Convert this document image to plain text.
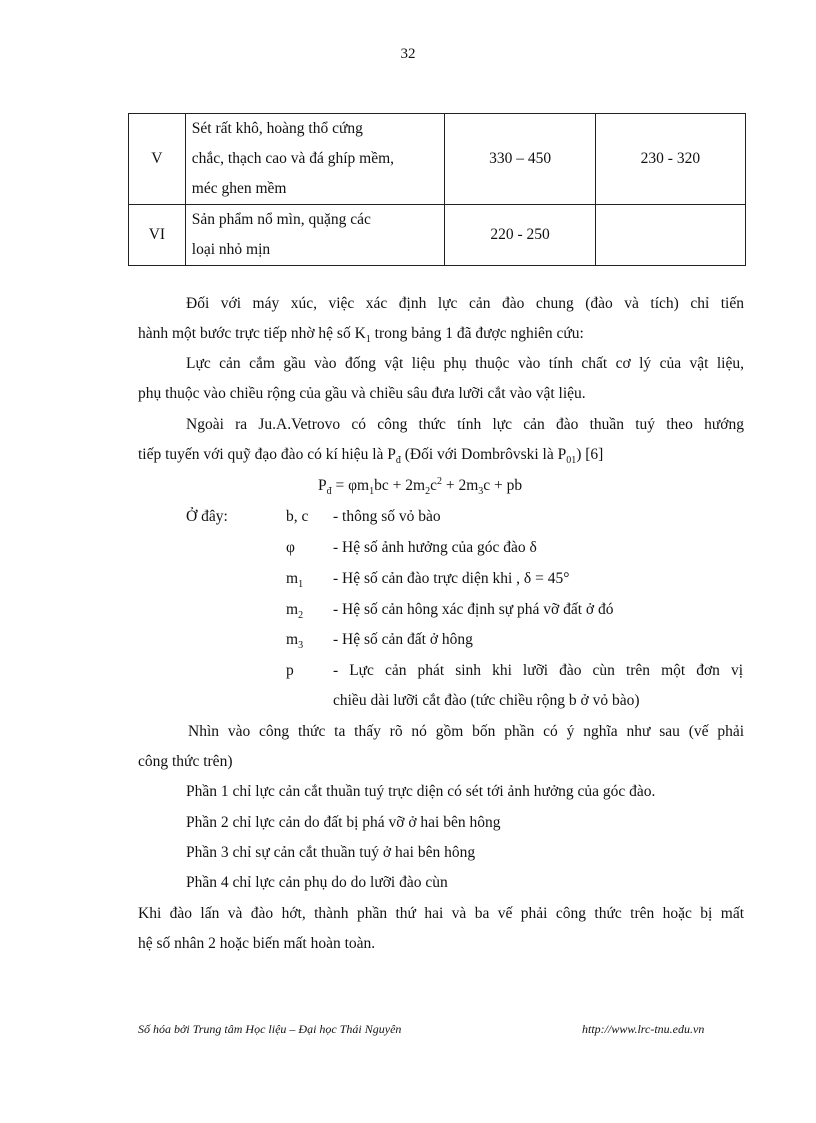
32
V	Sét rất khô, hoàng thổ cứng
chắc, thạch cao và đá ghíp mềm,
méc ghen mềm	330 – 450	230 - 320
VI	Sản phẩm nổ mìn, quặng các
loại nhỏ mịn	220 - 250	
Đối với máy xúc, việc xác định lực cản đào chung (đào và tích) chỉ tiến
hành một bước trực tiếp nhờ hệ số $K_1$ trong bảng 1 đã được nghiên cứu:
Lực cản cắm gầu vào đống vật liệu phụ thuộc vào tính chất cơ lý của vật liệu,
phụ thuộc vào chiều rộng của gầu và chiều sâu đưa lưỡi cắt vào vật liệu.
Ngoài ra Ju.A.Vetrovo có công thức tính lực cản đào thuần tuý theo hướng
tiếp tuyến với quỹ đạo đào có kí hiệu là $P_đ$ (Đối với Dombrôvski là $P_{01}$) [6]
$P_đ = \varphi m_1bc + 2m_2c^2 + 2m_3c$ + pb
Ở đây:	b, c - thông số vỏ bào
φ - Hệ số ảnh hưởng của góc đào δ
$m_1$ - Hệ số cản đào trực diện khi , δ = 45°
$m_2$ - Hệ số cản hông xác định sự phá vỡ đất ở đó
$m_3$ - Hệ số cản đất ở hông
p	- Lực cản phát sinh khi lưỡi đào cùn trên một đơn vị
chiều dài lưỡi cắt đào (tức chiều rộng b ở vỏ bào)
Nhìn vào công thức ta thấy rõ nó gồm bốn phần có ý nghĩa như sau (vế phải
công thức trên)
Phần 1 chỉ lực cản cắt thuần tuý trực diện có sét tới ảnh hưởng của góc đào.
Phần 2 chỉ lực cản do đất bị phá vỡ ở hai bên hông
Phần 3 chỉ sự cản cắt thuần tuý ở hai bên hông
Phần 4 chỉ lực cản phụ do do lưỡi đào cùn
Khi đào lấn và đào hớt, thành phần thứ hai và ba vế phải công thức trên hoặc bị mất
hệ số nhân 2 hoặc biến mất hoàn toàn.
Số hóa bởi Trung tâm Học liệu – Đại học Thái Nguyên	http://www.lrc-tnu.edu.vn
